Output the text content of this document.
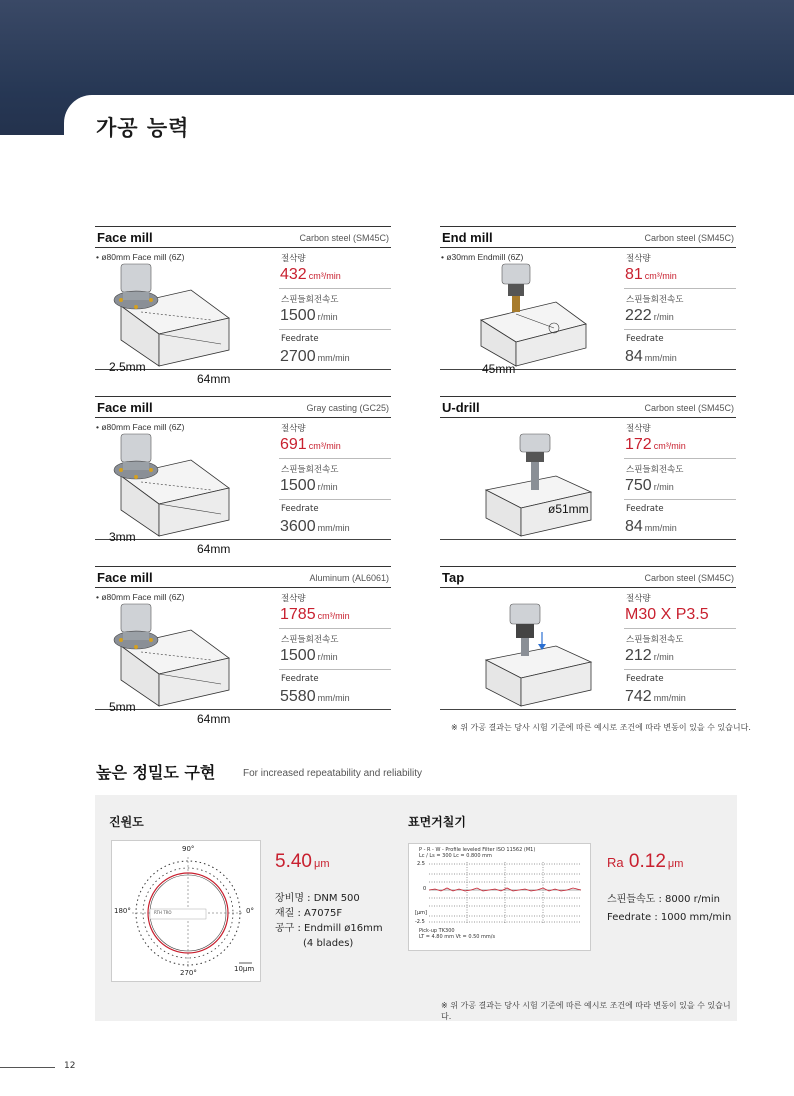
가공 능력
Face mill	Carbon steel (SM45C)
• ø80mm Face mill (6Z)
2.5mm
64mm
절삭량
432 cm³/min
스핀들회전속도
1500 r/min
Feedrate
2700 mm/min
End mill	Carbon steel (SM45C)
• ø30mm Endmill (6Z)
45mm
절삭량
81 cm³/min
스핀들회전속도
222 r/min
Feedrate
84 mm/min
Face mill	Gray casting (GC25)
• ø80mm Face mill (6Z)
3mm
64mm
절삭량
691 cm³/min
스핀들회전속도
1500 r/min
Feedrate
3600 mm/min
U-drill	Carbon steel (SM45C)
ø51mm
절삭량
172 cm³/min
스핀들회전속도
750 r/min
Feedrate
84 mm/min
Face mill	Aluminum (AL6061)
• ø80mm Face mill (6Z)
5mm
64mm
절삭량
1785 cm³/min
스핀들회전속도
1500 r/min
Feedrate
5580 mm/min
Tap	Carbon steel (SM45C)
절삭량
M30 X P3.5
스핀들회전속도
212 r/min
Feedrate
742 mm/min
※ 위 가공 결과는 당사 시험 기준에 따른 예시로 조건에 따라 변동이 있을 수 있습니다.
높은 정밀도 구현	For increased repeatability and reliability
진원도
90°
0°
180°
270°	10μm
RTH TRO
5.40 μm
장비명 : DNM 500
재질 : A7075F
공구 : Endmill ø16mm
(4 blades)
표면거칠기
P - R - W - Profile leveled Filter ISO 11562 (M1)
Lc / Ls = 300 Lc = 0.800 mm
2.5
0
-2.5
[μm]
Pick-up TK300
LT = 4.80 mm Vt = 0.50 mm/s
Ra 0.12 μm
스핀들속도 : 8000 r/min
Feedrate : 1000 mm/min
※ 위 가공 결과는 당사 시험 기준에 따른 예시로 조건에 따라 변동이 있을 수 있습니다.
12
